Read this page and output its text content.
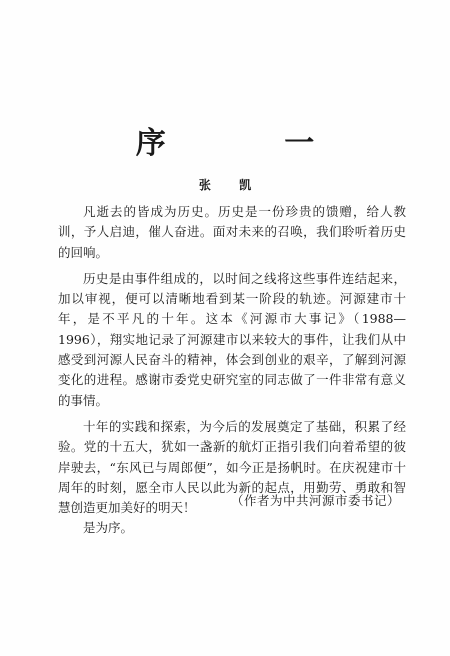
序 一
张 凯

凡逝去的皆成为历史。历史是一份珍贵的馈赠，给人教训，予人启迪，催人奋进。面对未来的召唤，我们聆听着历史的回响。

历史是由事件组成的，以时间之线将这些事件连结起来，加以审视，便可以清晰地看到某一阶段的轨迹。河源建市十年，是不平凡的十年。这本《河源市大事记》（1988—1996），翔实地记录了河源建市以来较大的事件，让我们从中感受到河源人民奋斗的精神，体会到创业的艰辛，了解到河源变化的进程。感谢市委党史研究室的同志做了一件非常有意义的事情。

十年的实践和探索，为今后的发展奠定了基础，积累了经验。党的十五大，犹如一盏新的航灯正指引我们向着希望的彼岸驶去，“东风已与周郎便”，如今正是扬帆时。在庆祝建市十周年的时刻，愿全市人民以此为新的起点，用勤劳、勇敢和智慧创造更加美好的明天！

是为序。

（作者为中共河源市委书记）
